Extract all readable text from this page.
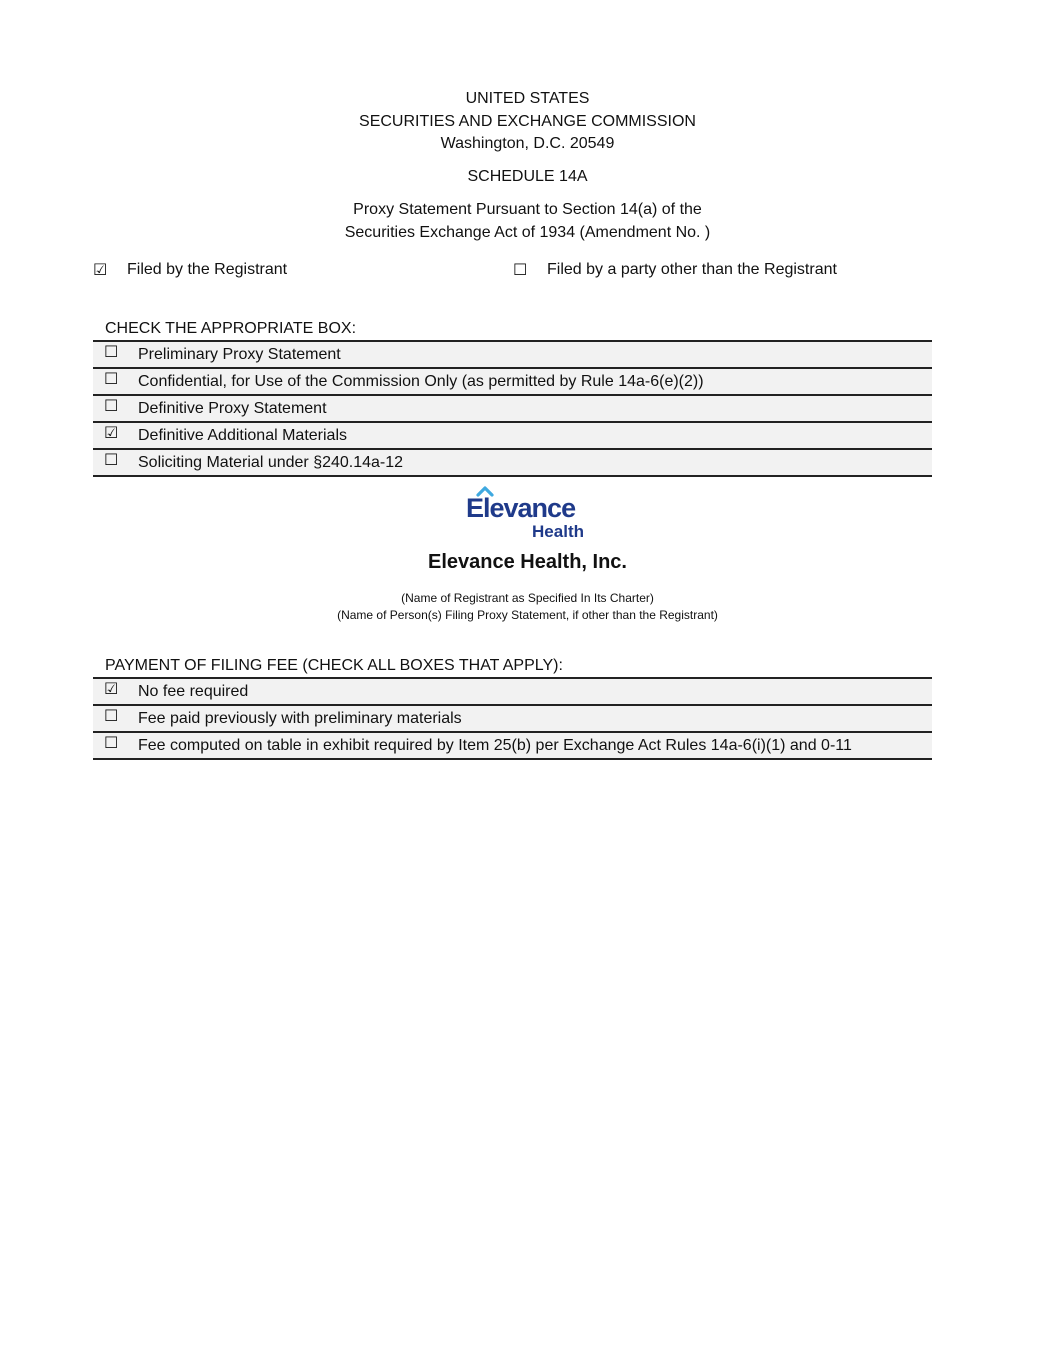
UNITED STATES
SECURITIES AND EXCHANGE COMMISSION
Washington, D.C. 20549
SCHEDULE 14A
Proxy Statement Pursuant to Section 14(a) of the
Securities Exchange Act of 1934 (Amendment No. )
☑	Filed by the Registrant	☐	Filed by a party other than the Registrant
CHECK THE APPROPRIATE BOX:
☐	Preliminary Proxy Statement
☐	Confidential, for Use of the Commission Only (as permitted by Rule 14a-6(e)(2))
☐	Definitive Proxy Statement
☑	Definitive Additional Materials
☐	Soliciting Material under §240.14a-12
Elevance
Health
Elevance Health, Inc.
(Name of Registrant as Specified In Its Charter)
(Name of Person(s) Filing Proxy Statement, if other than the Registrant)
PAYMENT OF FILING FEE (CHECK ALL BOXES THAT APPLY):
☑	No fee required
☐	Fee paid previously with preliminary materials
☐	Fee computed on table in exhibit required by Item 25(b) per Exchange Act Rules 14a-6(i)(1) and 0-11
